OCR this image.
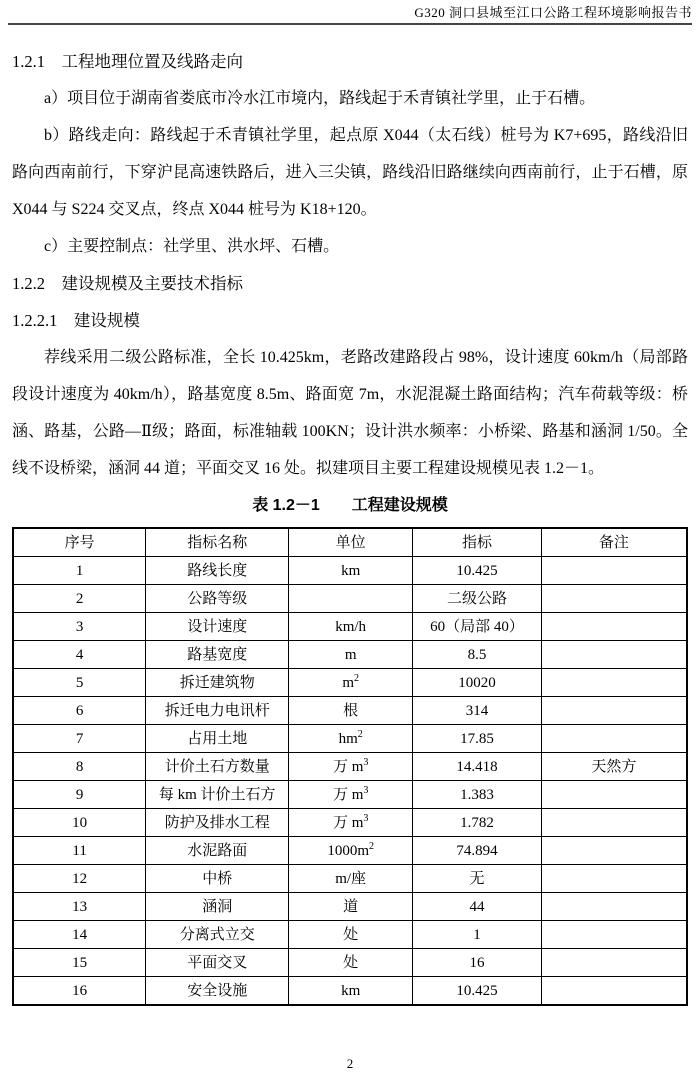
G320 洞口县城至江口公路工程环境影响报告书
1.2.1　工程地理位置及线路走向

a）项目位于湖南省娄底市冷水江市境内，路线起于禾青镇社学里，止于石槽。

b）路线走向：路线起于禾青镇社学里，起点原 X044（太石线）桩号为 K7+695，路线沿旧路向西南前行，下穿沪昆高速铁路后，进入三尖镇，路线沿旧路继续向西南前行，止于石槽，原 X044 与 S224 交叉点，终点 X044 桩号为 K18+120。

c）主要控制点：社学里、洪水坪、石槽。

1.2.2　建设规模及主要技术指标
1.2.2.1　建设规模

荐线采用二级公路标准，全长 10.425km，老路改建路段占 98%，设计速度 60km/h（局部路段设计速度为 40km/h），路基宽度 8.5m、路面宽 7m，水泥混凝土路面结构；汽车荷载等级：桥涵、路基，公路—Ⅱ级；路面，标准轴载 100KN；设计洪水频率：小桥梁、路基和涵洞 1/50。全线不设桥梁，涵洞 44 道；平面交叉 16 处。拟建项目主要工程建设规模见表 1.2－1。

表 1.2－1　　工程建设规模
序号	指标名称	单位	指标	备注
1	路线长度	km	10.425	
2	公路等级		二级公路	
3	设计速度	km/h	60（局部 40）	
4	路基宽度	m	8.5	
5	拆迁建筑物	$m^2$	10020	
6	拆迁电力电讯杆	根	314	
7	占用土地	$hm^2$	17.85	
8	计价土石方数量	万 $m^3$	14.418	天然方
9	每 km 计价土石方	万 $m^3$	1.383	
10	防护及排水工程	万 $m^3$	1.782	
11	水泥路面	$1000m^2$	74.894	
12	中桥	m/座	无	
13	涵洞	道	44	
14	分离式立交	处	1	
15	平面交叉	处	16	
16	安全设施	km	10.425	
2
